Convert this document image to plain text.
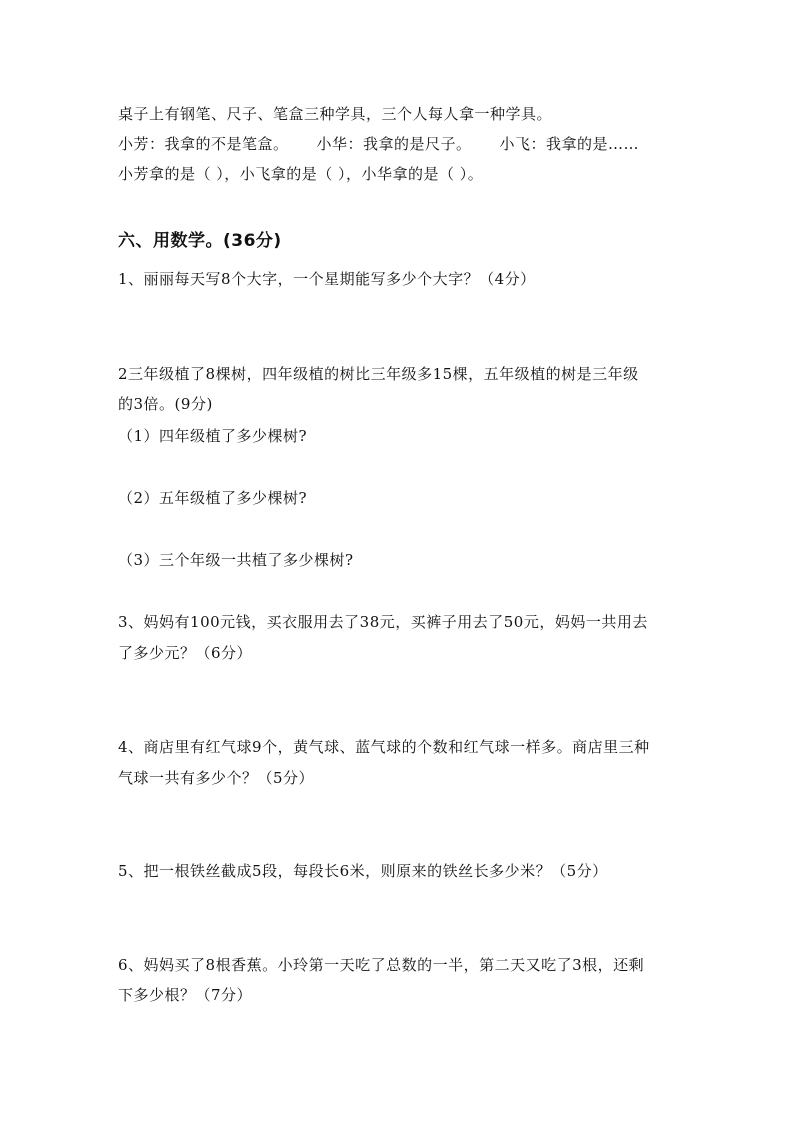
桌子上有钢笔、尺子、笔盒三种学具，三个人每人拿一种学具。
小芳：我拿的不是笔盒。 小华：我拿的是尺子。 小飞：我拿的是……
小芳拿的是（ ），小飞拿的是（ ），小华拿的是（ ）。
六、用数学。(36分)
1、丽丽每天写8个大字，一个星期能写多少个大字？（4分）
2三年级植了8棵树，四年级植的树比三年级多15棵，五年级植的树是三年级
的3倍。(9分)
（1）四年级植了多少棵树?
（2）五年级植了多少棵树?
（3）三个年级一共植了多少棵树?
3、妈妈有100元钱，买衣服用去了38元，买裤子用去了50元，妈妈一共用去
了多少元？（6分）
4、商店里有红气球9个，黄气球、蓝气球的个数和红气球一样多。商店里三种
气球一共有多少个？（5分）
5、把一根铁丝截成5段，每段长6米，则原来的铁丝长多少米？（5分）
6、妈妈买了8根香蕉。小玲第一天吃了总数的一半，第二天又吃了3根，还剩
下多少根？（7分）
